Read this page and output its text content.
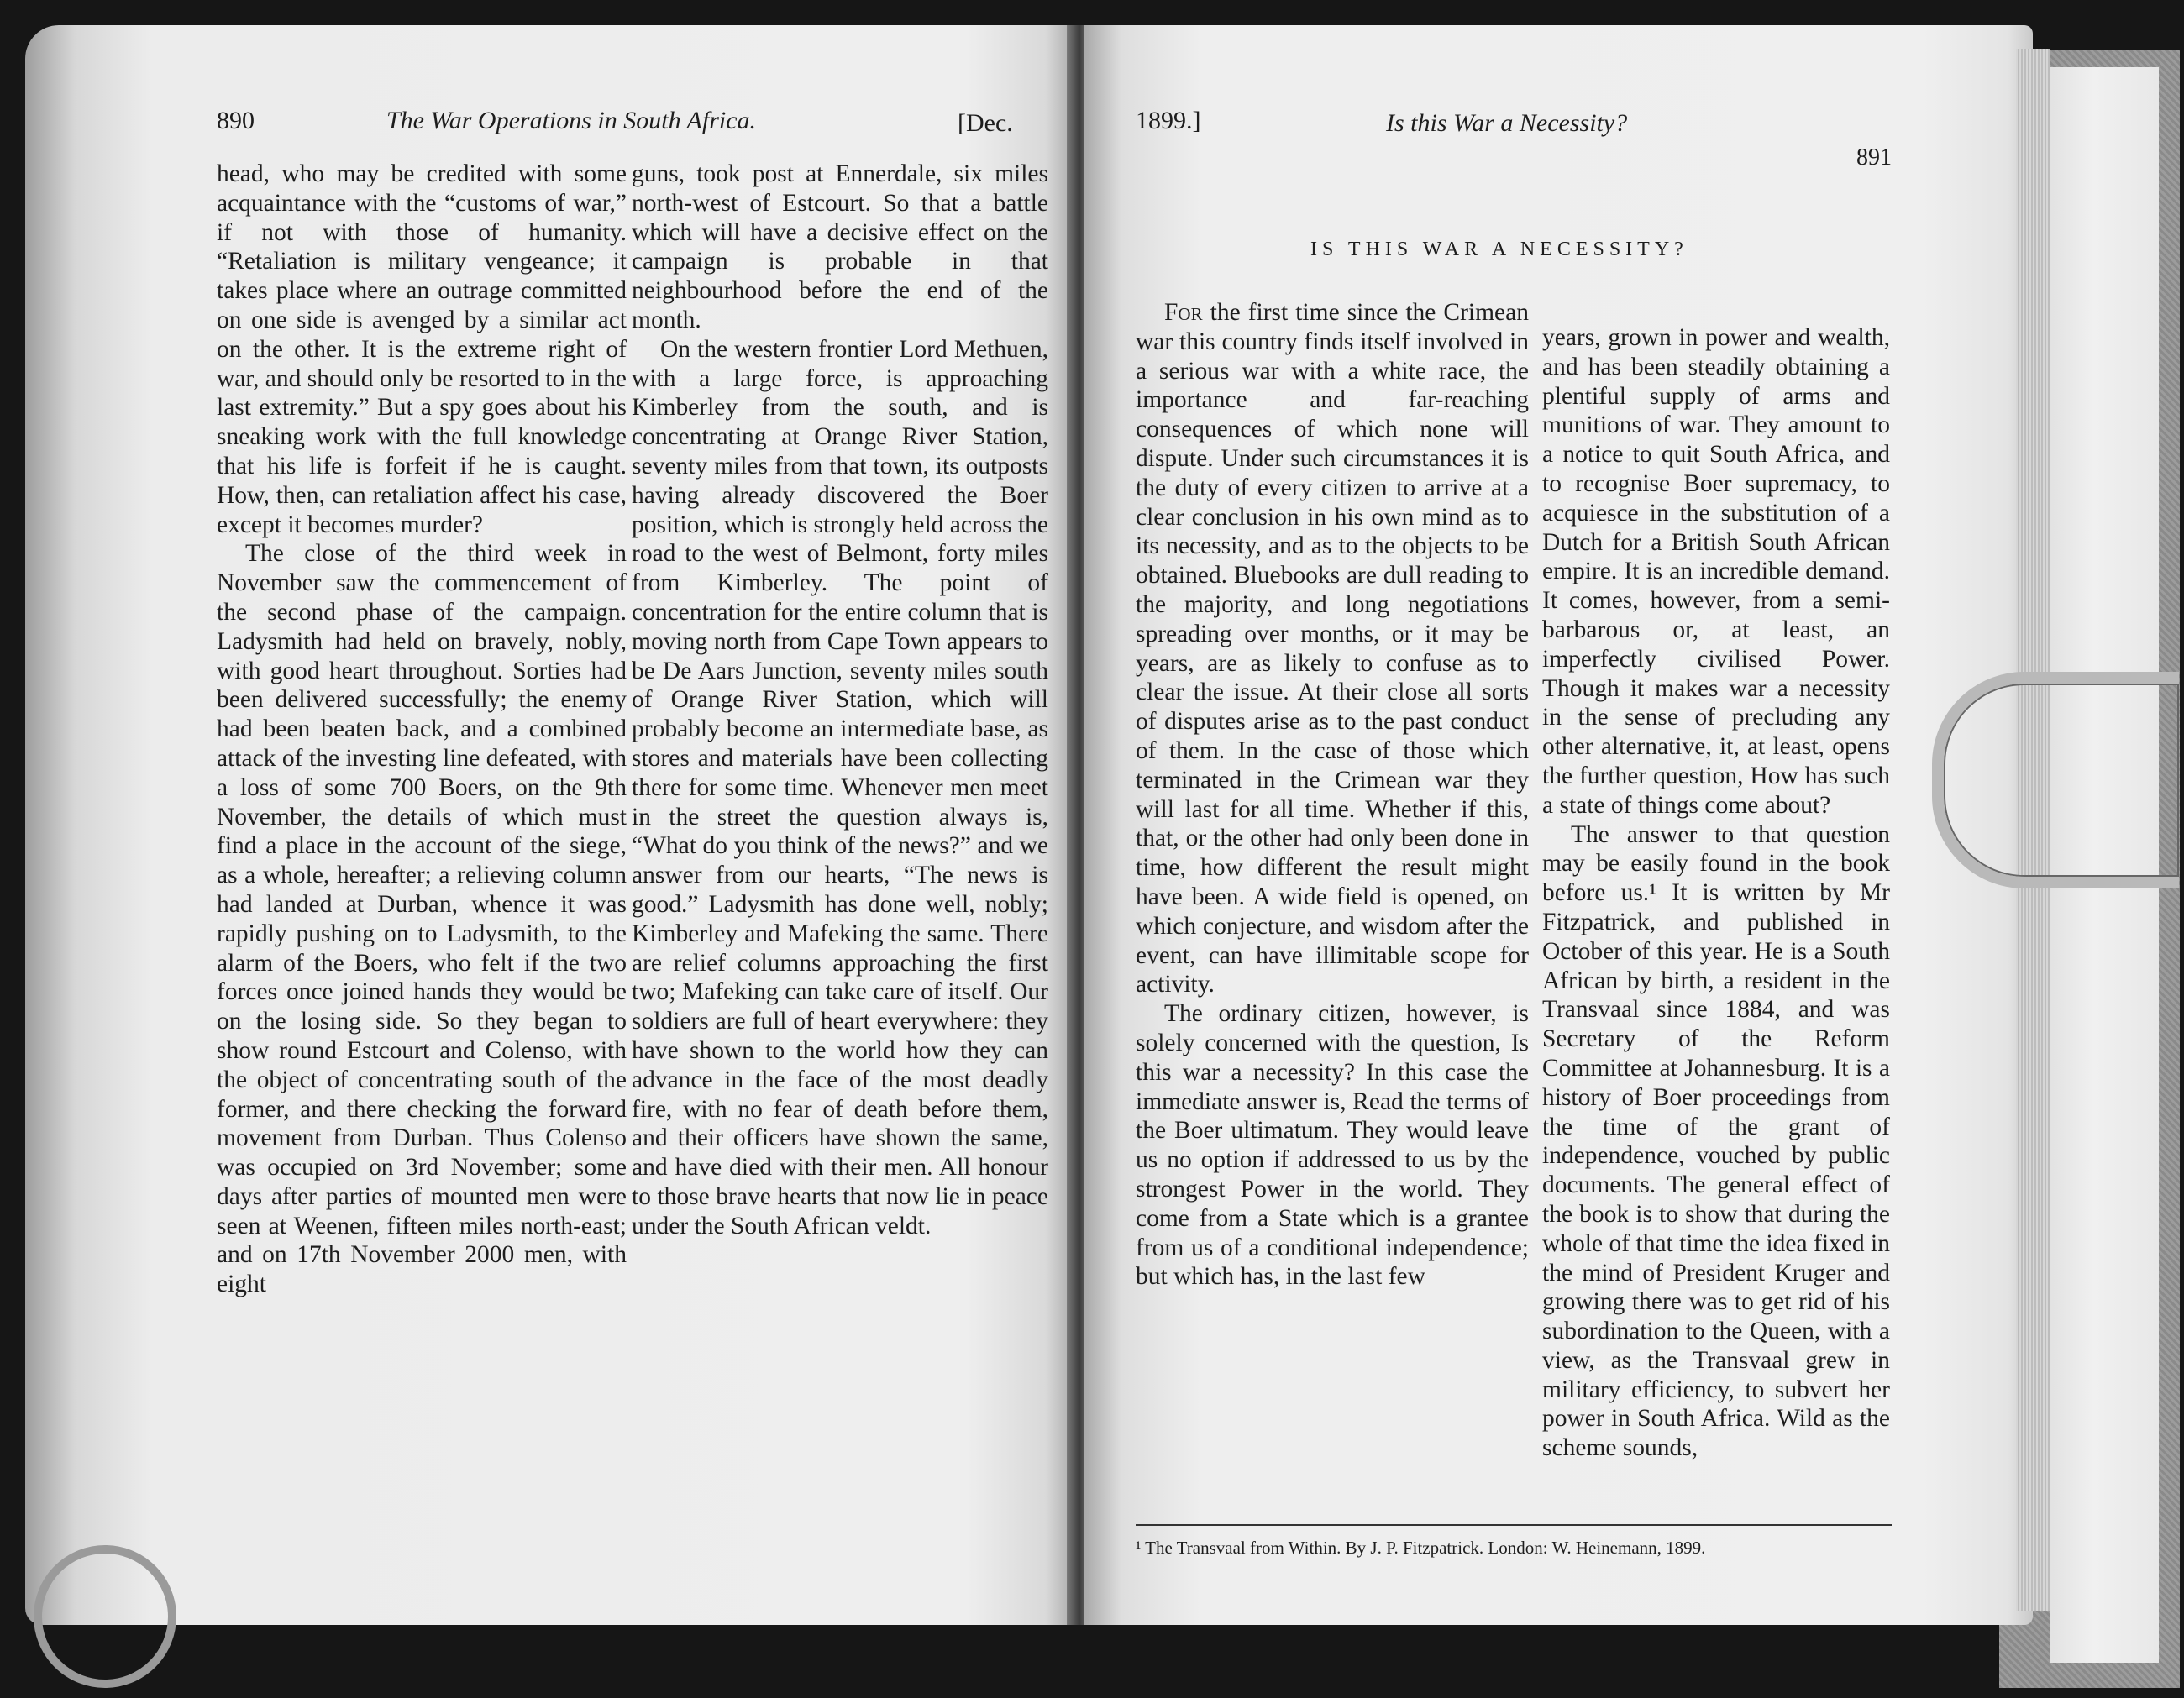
890	The War Operations in South Africa.	[Dec.

head, who may be credited with some acquaintance with the “customs of war,” if not with those of humanity. “Retaliation is military vengeance; it takes place where an outrage committed on one side is avenged by a similar act on the other. It is the extreme right of war, and should only be resorted to in the last extremity.” But a spy goes about his sneaking work with the full knowledge that his life is forfeit if he is caught. How, then, can retaliation affect his case, except it becomes murder?

The close of the third week in November saw the commencement of the second phase of the campaign. Ladysmith had held on bravely, nobly, with good heart throughout. Sorties had been delivered successfully; the enemy had been beaten back, and a combined attack of the investing line defeated, with a loss of some 700 Boers, on the 9th November, the details of which must find a place in the account of the siege, as a whole, hereafter; a relieving column had landed at Durban, whence it was rapidly pushing on to Ladysmith, to the alarm of the Boers, who felt if the two forces once joined hands they would be on the losing side. So they began to show round Estcourt and Colenso, with the object of concentrating south of the former, and there checking the forward movement from Durban. Thus Colenso was occupied on 3rd November; some days after parties of mounted men were seen at Weenen, fifteen miles north-east; and on 17th November 2000 men, with eight

guns, took post at Ennerdale, six miles north-west of Estcourt. So that a battle which will have a decisive effect on the campaign is probable in that neighbourhood before the end of the month.

On the western frontier Lord Methuen, with a large force, is approaching Kimberley from the south, and is concentrating at Orange River Station, seventy miles from that town, its outposts having already discovered the Boer position, which is strongly held across the road to the west of Belmont, forty miles from Kimberley. The point of concentration for the entire column that is moving north from Cape Town appears to be De Aars Junction, seventy miles south of Orange River Station, which will probably become an intermediate base, as stores and materials have been collecting there for some time. Whenever men meet in the street the question always is, “What do you think of the news?” and we answer from our hearts, “The news is good.” Ladysmith has done well, nobly; Kimberley and Mafeking the same. There are relief columns approaching the first two; Mafeking can take care of itself. Our soldiers are full of heart everywhere: they have shown to the world how they can advance in the face of the most deadly fire, with no fear of death before them, and their officers have shown the same, and have died with their men. All honour to those brave hearts that now lie in peace under the South African veldt.

1899.]	Is this War a Necessity?
891
IS THIS WAR A NECESSITY?

For the first time since the Crimean war this country finds itself involved in a serious war with a white race, the importance and far-reaching consequences of which none will dispute. Under such circumstances it is the duty of every citizen to arrive at a clear conclusion in his own mind as to its necessity, and as to the objects to be obtained. Bluebooks are dull reading to the majority, and long negotiations spreading over months, or it may be years, are as likely to confuse as to clear the issue. At their close all sorts of disputes arise as to the past conduct of them. In the case of those which terminated in the Crimean war they will last for all time. Whether if this, that, or the other had only been done in time, how different the result might have been. A wide field is opened, on which conjecture, and wisdom after the event, can have illimitable scope for activity.

The ordinary citizen, however, is solely concerned with the question, Is this war a necessity? In this case the immediate answer is, Read the terms of the Boer ultimatum. They would leave us no option if addressed to us by the strongest Power in the world. They come from a State which is a grantee from us of a conditional independence; but which has, in the last few

years, grown in power and wealth, and has been steadily obtaining a plentiful supply of arms and munitions of war. They amount to a notice to quit South Africa, and to recognise Boer supremacy, to acquiesce in the substitution of a Dutch for a British South African empire. It is an incredible demand. It comes, however, from a semi-barbarous or, at least, an imperfectly civilised Power. Though it makes war a necessity in the sense of precluding any other alternative, it, at least, opens the further question, How has such a state of things come about?

The answer to that question may be easily found in the book before us.¹ It is written by Mr Fitzpatrick, and published in October of this year. He is a South African by birth, a resident in the Transvaal since 1884, and was Secretary of the Reform Committee at Johannesburg. It is a history of Boer proceedings from the time of the grant of independence, vouched by public documents. The general effect of the book is to show that during the whole of that time the idea fixed in the mind of President Kruger and growing there was to get rid of his subordination to the Queen, with a view, as the Transvaal grew in military efficiency, to subvert her power in South Africa. Wild as the scheme sounds,

¹ The Transvaal from Within. By J. P. Fitzpatrick. London: W. Heinemann, 1899.
